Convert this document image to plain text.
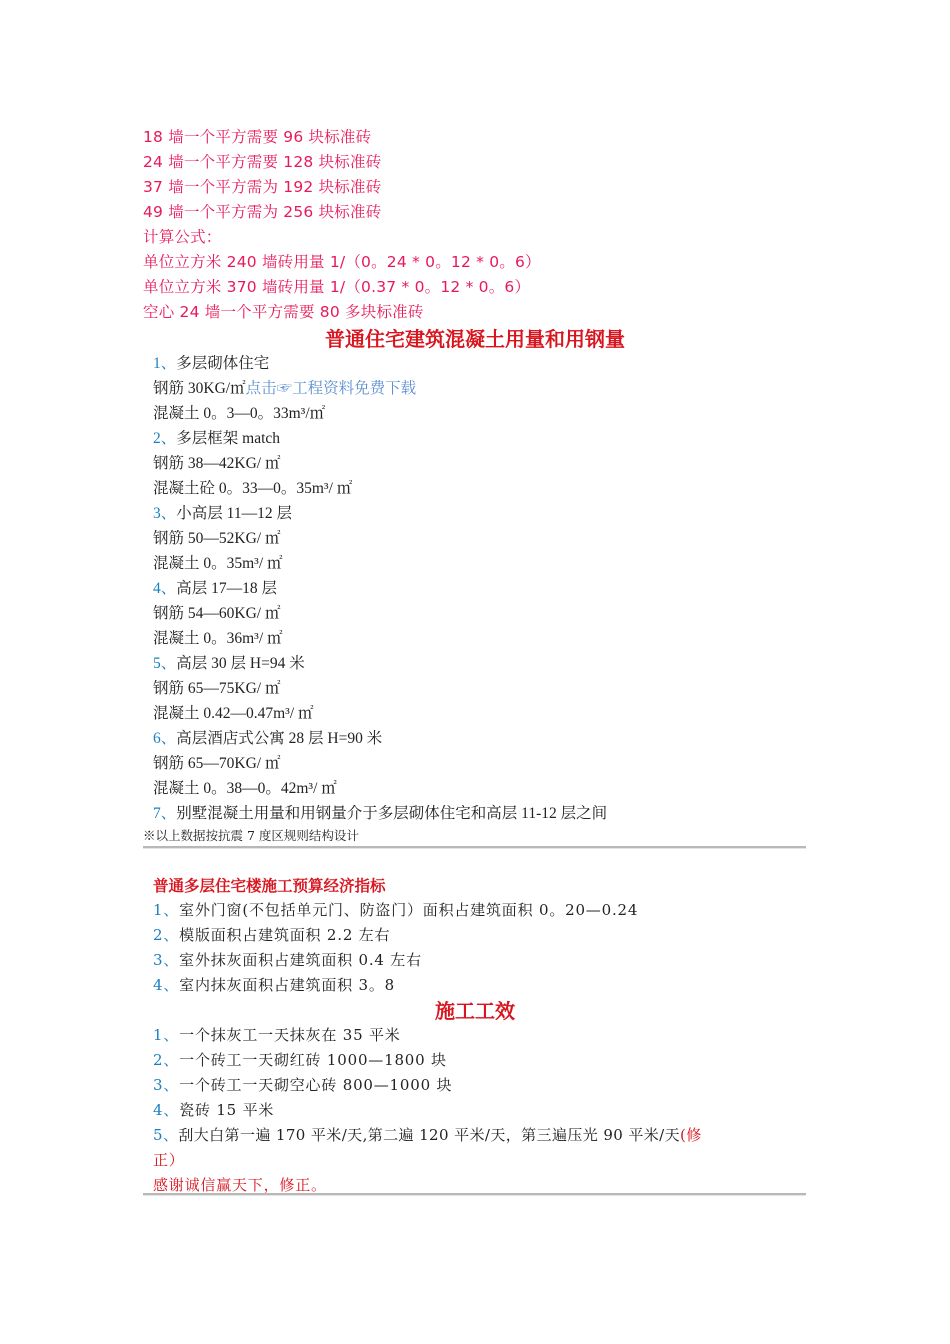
18 墙一个平方需要 96 块标准砖
24 墙一个平方需要 128 块标准砖
37 墙一个平方需为 192 块标准砖
49 墙一个平方需为 256 块标准砖
计算公式：
单位立方米 240 墙砖用量 1/（0。24 * 0。12 * 0。6）
单位立方米 370 墙砖用量 1/（0.37 * 0。12 * 0。6）
空心 24 墙一个平方需要 80 多块标准砖
普通住宅建筑混凝土用量和用钢量
1、多层砌体住宅
钢筋 30KG/㎡点击☞工程资料免费下载
混凝土 0。3—0。33m³/㎡
2、多层框架 match
钢筋 38—42KG/ ㎡
混凝土砼 0。33—0。35m³/ ㎡
3、小高层 11—12 层
钢筋 50—52KG/ ㎡
混凝土 0。35m³/ ㎡
4、高层 17—18 层
钢筋 54—60KG/ ㎡
混凝土 0。36m³/ ㎡
5、高层 30 层 H=94 米
钢筋 65—75KG/ ㎡
混凝土 0.42—0.47m³/ ㎡
6、高层酒店式公寓 28 层 H=90 米
钢筋 65—70KG/ ㎡
混凝土 0。38—0。42m³/ ㎡
7、别墅混凝土用量和用钢量介于多层砌体住宅和高层 11-12 层之间
※以上数据按抗震 7 度区规则结构设计
普通多层住宅楼施工预算经济指标
1、室外门窗(不包括单元门、防盗门）面积占建筑面积 0。20—0.24
2、模版面积占建筑面积 2.2 左右
3、室外抹灰面积占建筑面积 0.4 左右
4、室内抹灰面积占建筑面积 3。8
施工工效
1、一个抹灰工一天抹灰在 35 平米
2、一个砖工一天砌红砖 1000—1800 块
3、一个砖工一天砌空心砖 800—1000 块
4、瓷砖 15 平米
5、刮大白第一遍 170 平米/天,第二遍 120 平米/天，第三遍压光 90 平米/天(修
正）
感谢诚信赢天下，修正。
